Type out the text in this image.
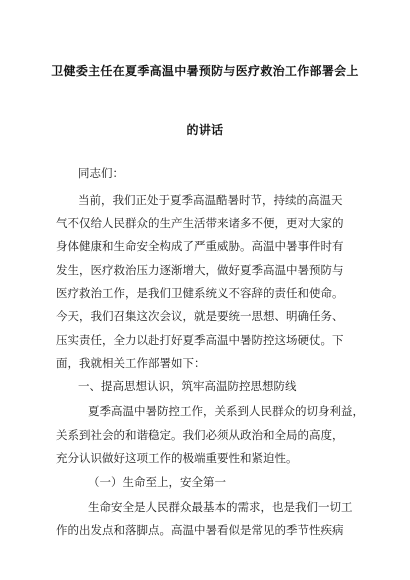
卫健委主任在夏季高温中暑预防与医疗救治工作部署会上
的讲话
同志们：
当前，我们正处于夏季高温酷暑时节，持续的高温天
气不仅给人民群众的生产生活带来诸多不便，更对大家的
身体健康和生命安全构成了严重威胁。高温中暑事件时有
发生，医疗救治压力逐渐增大，做好夏季高温中暑预防与
医疗救治工作，是我们卫健系统义不容辞的责任和使命。
今天，我们召集这次会议，就是要统一思想、明确任务、
压实责任，全力以赴打好夏季高温中暑防控这场硬仗。下
面，我就相关工作部署如下：
一、提高思想认识，筑牢高温防控思想防线
夏季高温中暑防控工作，关系到人民群众的切身利益，
关系到社会的和谐稳定。我们必须从政治和全局的高度，
充分认识做好这项工作的极端重要性和紧迫性。
（一）生命至上，安全第一
生命安全是人民群众最基本的需求，也是我们一切工
作的出发点和落脚点。高温中暑看似是常见的季节性疾病
